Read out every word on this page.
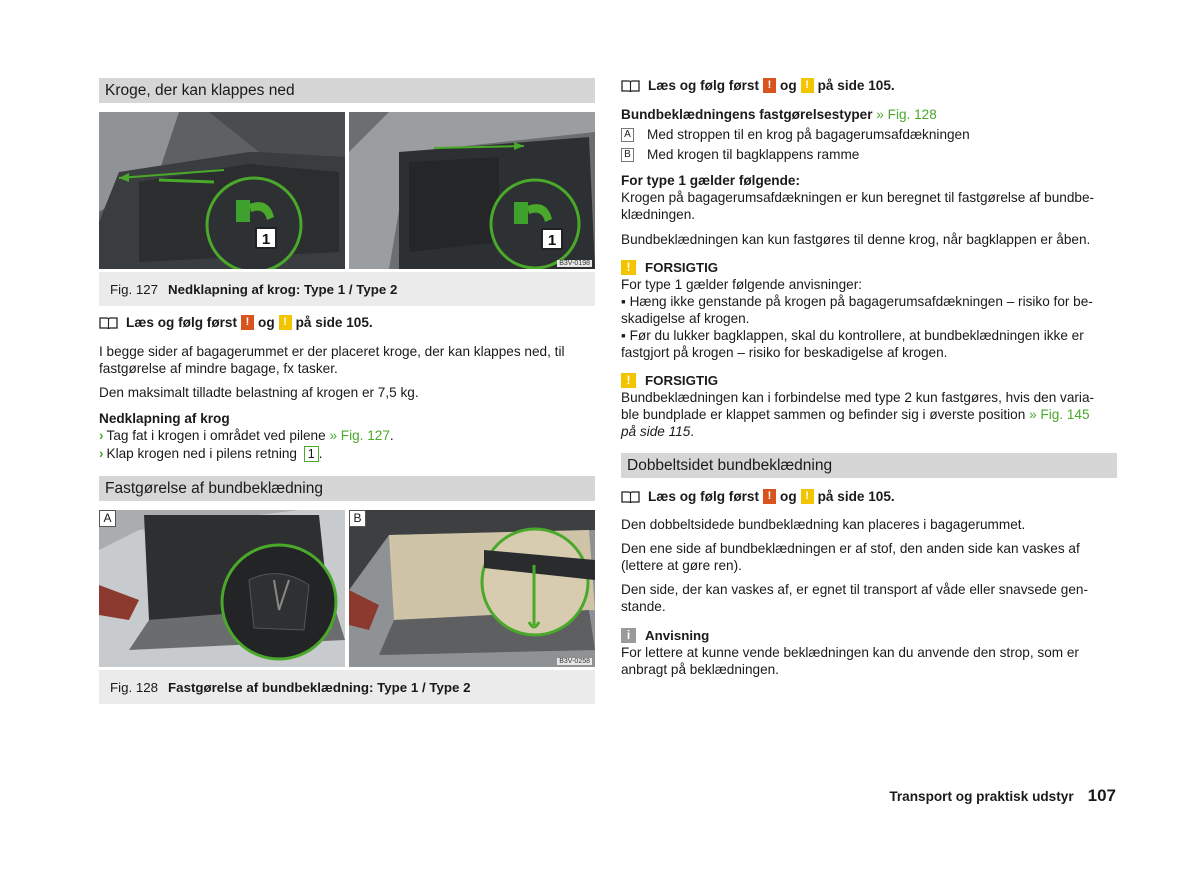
Kroge, der kan klappes ned
1	1
B3V-0198
Fig. 127 Nedklapning af krog: Type 1 / Type 2
Læs og følg først ! og ! på side 105.

I begge sider af bagagerummet er der placeret kroge, der kan klappes ned, til fastgørelse af mindre bagage, fx tasker.

Den maksimalt tilladte belastning af krogen er 7,5 kg.

Nedklapning af krog

› Tag fat i krogen i området ved pilene » Fig. 127.

› Klap krogen ned i pilens retning 1 .

Fastgørelse af bundbeklædning
A	B
B3V-0258
Fig. 128 Fastgørelse af bundbeklædning: Type 1 / Type 2
Læs og følg først ! og ! på side 105.

Bundbeklædningens fastgørelsestyper » Fig. 128

A Med stroppen til en krog på bagagerumsafdækningen

B Med krogen til bagklappens ramme

For type 1 gælder følgende:

Krogen på bagagerumsafdækningen er kun beregnet til fastgørelse af bundbe-

klædningen.

Bundbeklædningen kan kun fastgøres til denne krog, når bagklappen er åben.

!	FORSIGTIG

For type 1 gælder følgende anvisninger:

▪ Hæng ikke genstande på krogen på bagagerumsafdækningen – risiko for be-

skadigelse af krogen.

▪ Før du lukker bagklappen, skal du kontrollere, at bundbeklædningen ikke er

fastgjort på krogen – risiko for beskadigelse af krogen.

!	FORSIGTIG

Bundbeklædningen kan i forbindelse med type 2 kun fastgøres, hvis den varia-

ble bundplade er klappet sammen og befinder sig i øverste position » Fig. 145

på side 115.

Dobbeltsidet bundbeklædning
Læs og følg først ! og ! på side 105.

Den dobbeltsidede bundbeklædning kan placeres i bagagerummet.

Den ene side af bundbeklædningen er af stof, den anden side kan vaskes af

(lettere at gøre ren).

Den side, der kan vaskes af, er egnet til transport af våde eller snavsede gen-

stande.

i	Anvisning

For lettere at kunne vende beklædningen kan du anvende den strop, som er

anbragt på beklædningen.

Transport og praktisk udstyr 107
